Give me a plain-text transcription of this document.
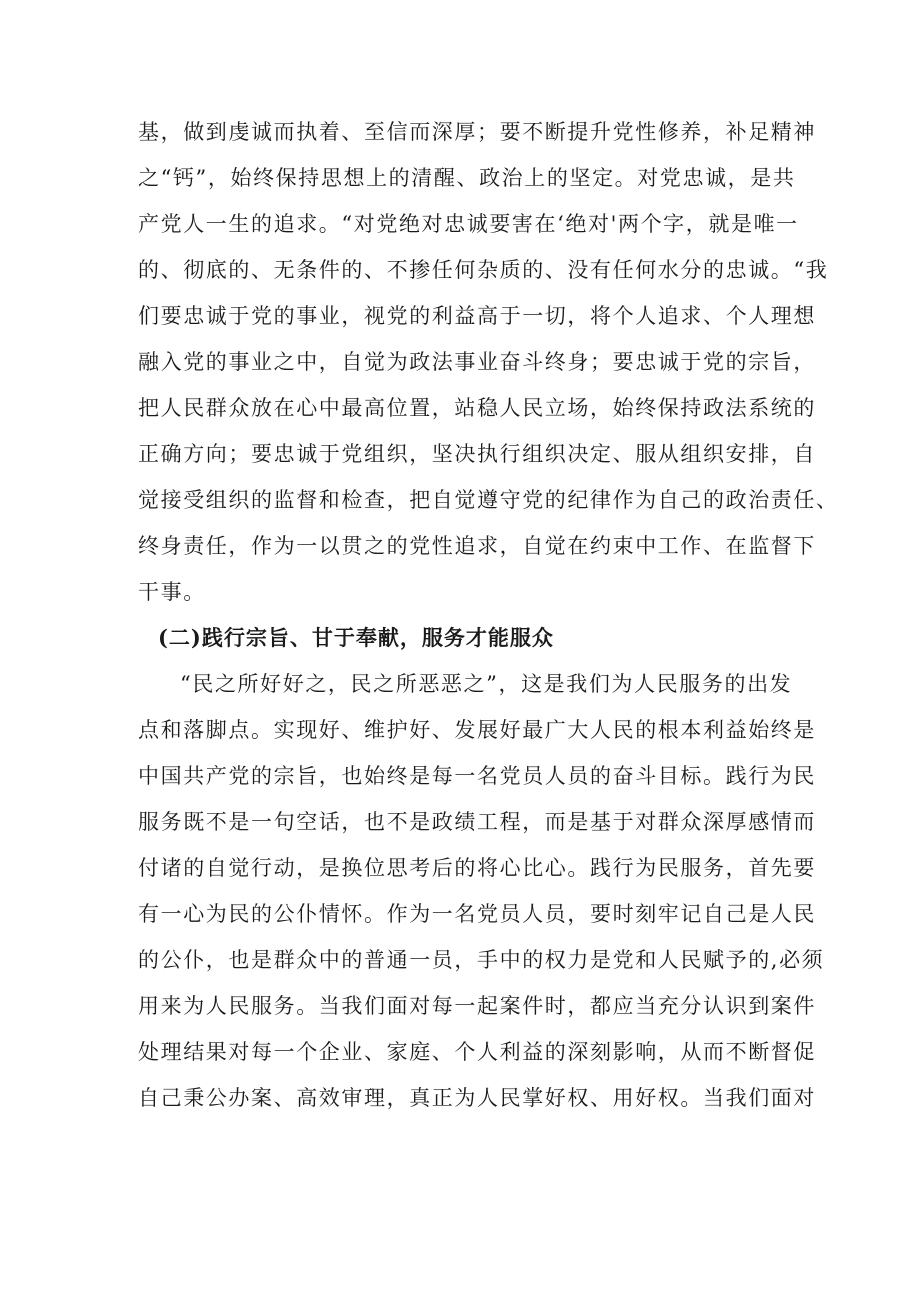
基，做到虔诚而执着、至信而深厚；要不断提升党性修养，补足精神
之“钙”，始终保持思想上的清醒、政治上的坚定。对党忠诚，是共
产党人一生的追求。“对党绝对忠诚要害在‘绝对'两个字，就是唯一
的、彻底的、无条件的、不掺任何杂质的、没有任何水分的忠诚。“我
们要忠诚于党的事业，视党的利益高于一切，将个人追求、个人理想
融入党的事业之中，自觉为政法事业奋斗终身；要忠诚于党的宗旨，
把人民群众放在心中最高位置，站稳人民立场，始终保持政法系统的
正确方向；要忠诚于党组织，坚决执行组织决定、服从组织安排，自
觉接受组织的监督和检查，把自觉遵守党的纪律作为自己的政治责任、
终身责任，作为一以贯之的党性追求，自觉在约束中工作、在监督下
干事。
(二)践行宗旨、甘于奉献，服务才能服众
“民之所好好之，民之所恶恶之”，这是我们为人民服务的出发
点和落脚点。实现好、维护好、发展好最广大人民的根本利益始终是
中国共产党的宗旨，也始终是每一名党员人员的奋斗目标。践行为民
服务既不是一句空话，也不是政绩工程，而是基于对群众深厚感情而
付诸的自觉行动，是换位思考后的将心比心。践行为民服务，首先要
有一心为民的公仆情怀。作为一名党员人员，要时刻牢记自己是人民
的公仆，也是群众中的普通一员，手中的权力是党和人民赋予的,必须
用来为人民服务。当我们面对每一起案件时，都应当充分认识到案件
处理结果对每一个企业、家庭、个人利益的深刻影响，从而不断督促
自己秉公办案、高效审理，真正为人民掌好权、用好权。当我们面对
